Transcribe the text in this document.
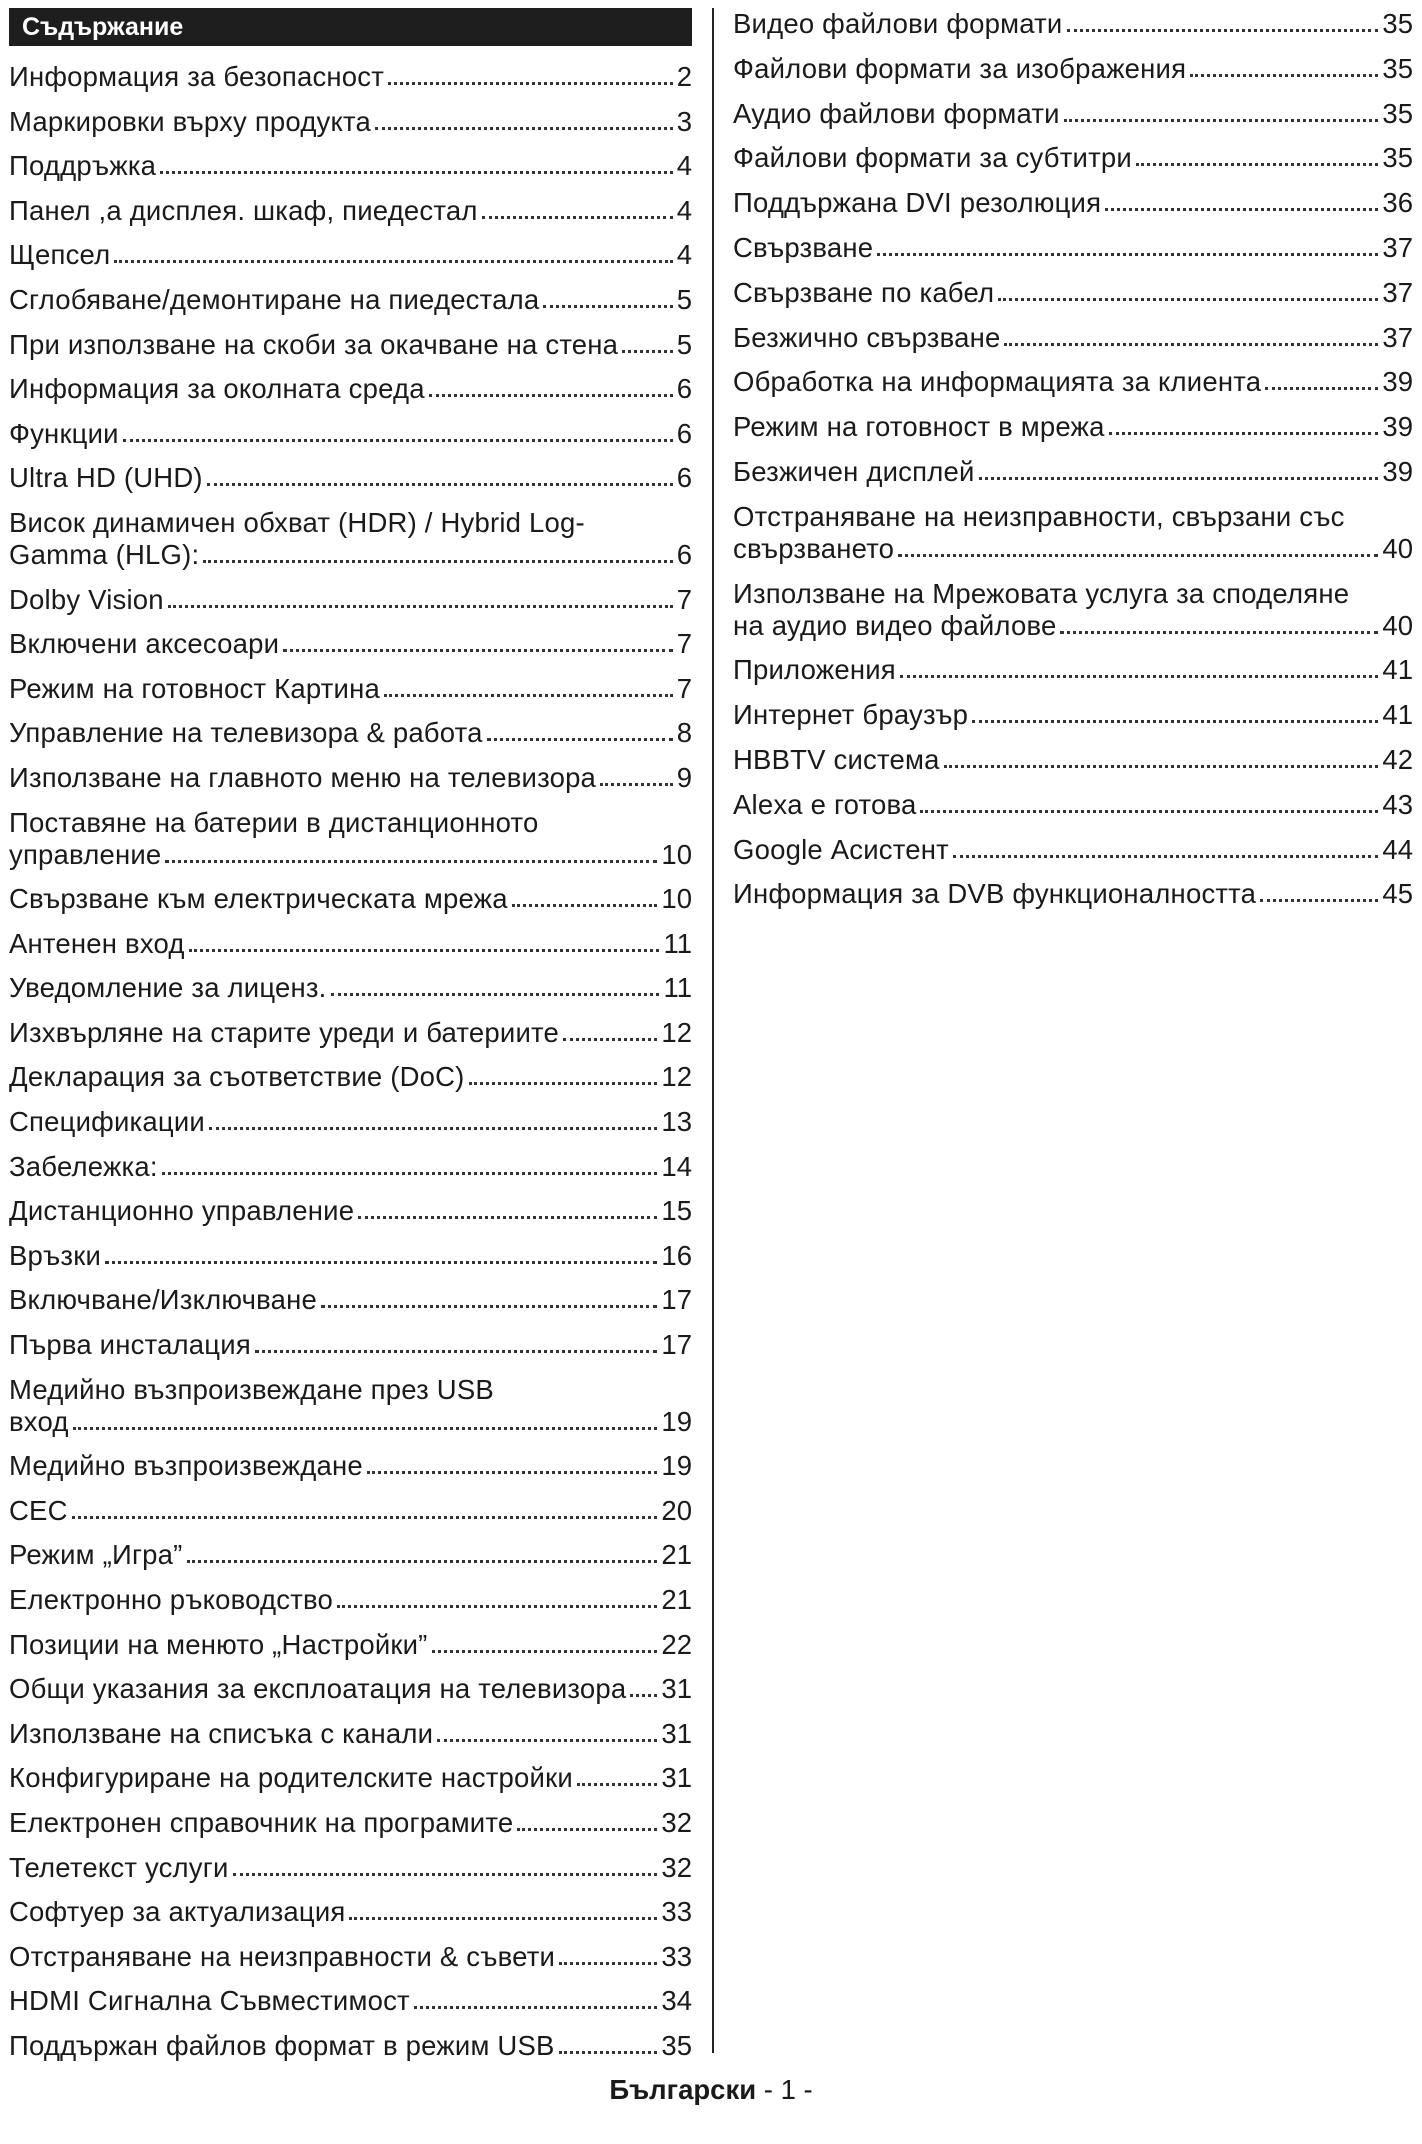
Съдържание
Информация за безопасност	2
Маркировки върху продукта	3
Поддръжка	4
Панел ,а дисплея. шкаф, пиедестал	4
Щепсел	4
Сглобяване/демонтиране на пиедестала	5
При използване на скоби за окачване на стена 5
Информация за околната среда	6
Функции	6
Ultra HD (UHD)	6
Висок динамичен обхват (HDR) / Hybrid Log-
Gamma (HLG):	6
Dolby Vision	7
Включени аксесоари	7
Режим на готовност Картина	7
Управление на телевизора & работа	8
Използване на главното меню на телевизора	9
Поставяне на батерии в дистанционното
управление	10
Свързване към електрическата мрежа	10
Антенен вход	11
Уведомление за лиценз.	11
Изхвърляне на старите уреди и батериите	12
Декларация за съответствие (DoC)	12
Спецификации	13
Забележка:	14
Дистанционно управление	15
Връзки	16
Включване/Изключване	17
Първа инсталация	17
Медийно възпроизвеждане през USB
вход	19
Медийно възпроизвеждане	19
CEC	20
Режим „Игра”	21
Електронно ръководство	21
Позиции на менюто „Настройки”	22
Общи указания за експлоатация на телевизора 31
Използване на списъка с канали	31
Конфигуриране на родителските настройки	31
Електронен справочник на програмите	32
Телетекст услуги	32
Софтуер за актуализация	33
Отстраняване на неизправности & съвети	33
HDMI Сигнална Съвместимост	34
Поддържан файлов формат в режим USB	35
Видео файлови формати	35
Файлови формати за изображения	35
Аудио файлови формати	35
Файлови формати за субтитри	35
Поддържана DVI резолюция	36
Свързване	37
Свързване по кабел	37
Безжично свързване	37
Обработка на информацията за клиента	39
Режим на готовност в мрежа	39
Безжичен дисплей	39
Отстраняване на неизправности, свързани със
свързването	40
Използване на Мрежовата услуга за споделяне
на аудио видео файлове	40
Приложения	41
Интернет браузър	41
HBBTV система	42
Alexa е готова	43
Google Асистент	44
Информация за DVB функционалността	45
Български - 1 -
